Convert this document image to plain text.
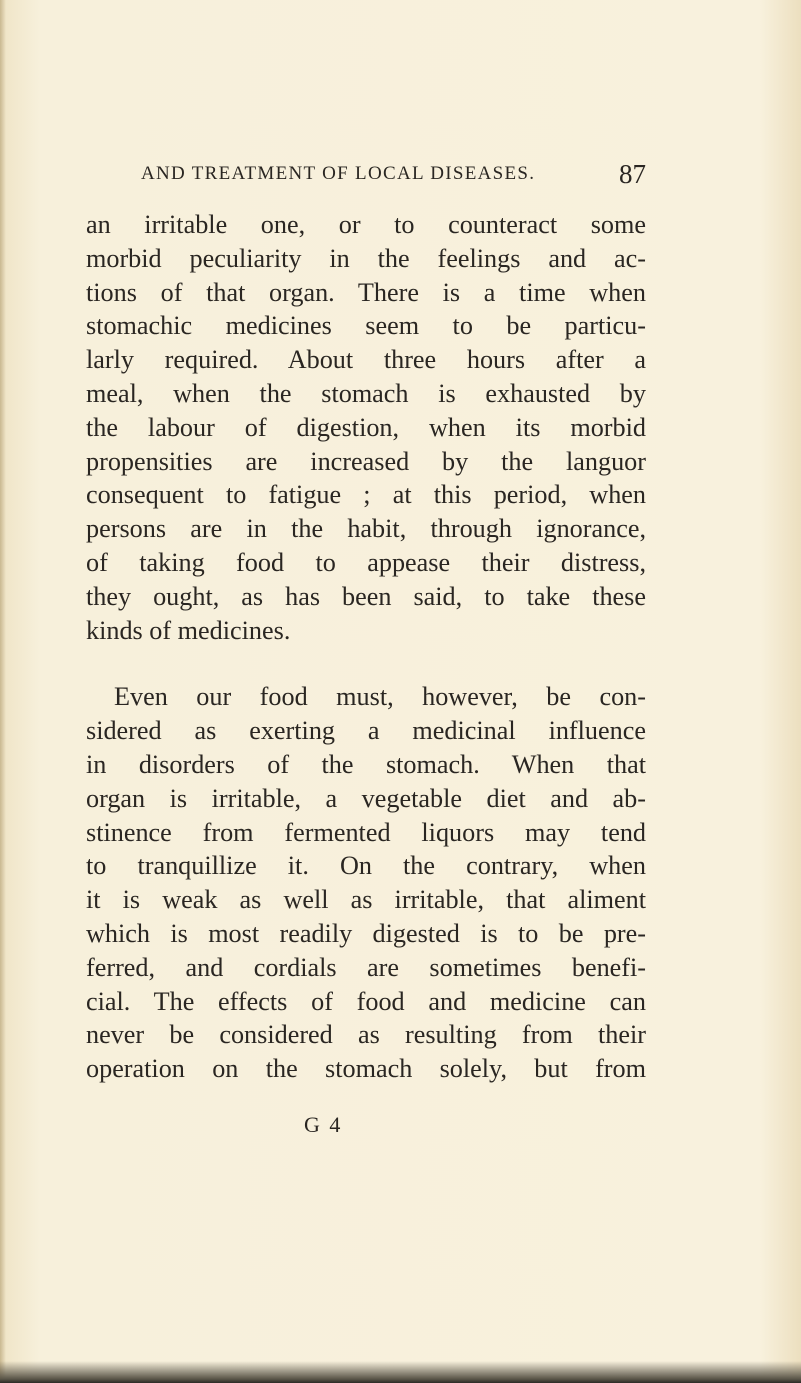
AND TREATMENT OF LOCAL DISEASES.	87

an irritable one, or to counteract some
morbid peculiarity in the feelings and ac-
tions of that organ. There is a time when
stomachic medicines seem to be particu-
larly required. About three hours after a
meal, when the stomach is exhausted by
the labour of digestion, when its morbid
propensities are increased by the languor
consequent to fatigue ; at this period, when
persons are in the habit, through ignorance,
of taking food to appease their distress,
they ought, as has been said, to take these
kinds of medicines.

Even our food must, however, be con-
sidered as exerting a medicinal influence
in disorders of the stomach. When that
organ is irritable, a vegetable diet and ab-
stinence from fermented liquors may tend
to tranquillize it. On the contrary, when
it is weak as well as irritable, that aliment
which is most readily digested is to be pre-
ferred, and cordials are sometimes benefi-
cial. The effects of food and medicine can
never be considered as resulting from their
operation on the stomach solely, but from

G 4
